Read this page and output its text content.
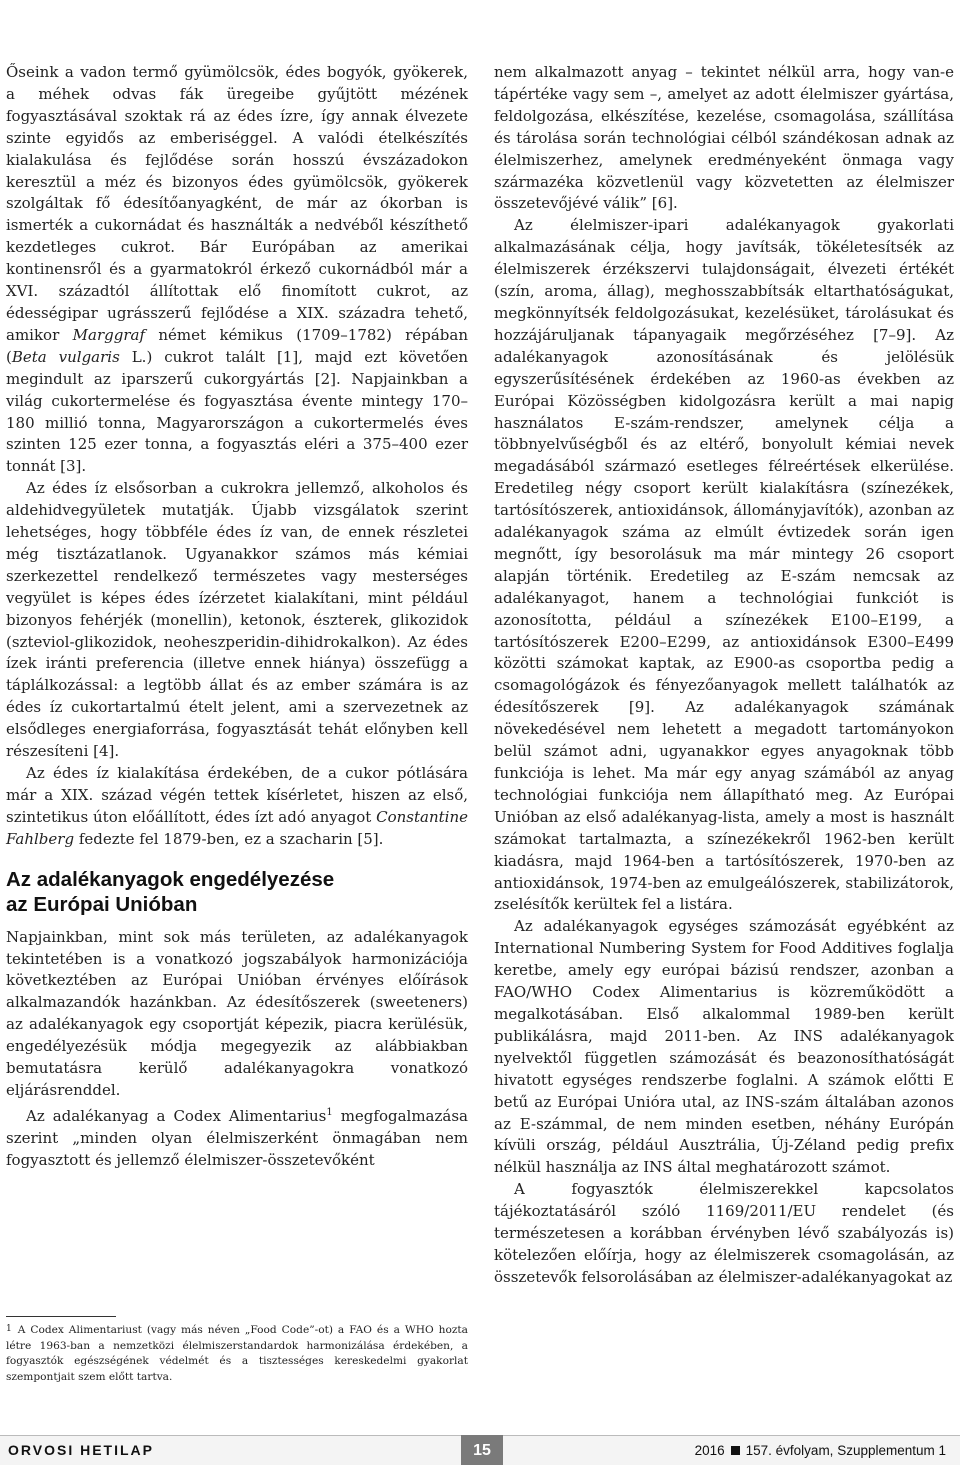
Őseink a vadon termő gyümölcsök, édes bogyók, gyökerek, a méhek odvas fák üregeibe gyűjtött mézének fogyasztásával szoktak rá az édes ízre, így annak élvezete szinte egyidős az emberiséggel. A valódi ételkészítés kialakulása és fejlődése során hosszú évszázadokon keresztül a méz és bizonyos édes gyümölcsök, gyökerek szolgáltak fő édesítőanyagként, de már az ókorban is ismerték a cukornádat és használták a nedvéből készíthető kezdetleges cukrot. Bár Európában az amerikai kontinensről és a gyarmatokról érkező cukornádból már a XVI. századtól állítottak elő finomított cukrot, az édességipar ugrásszerű fejlődése a XIX. századra tehető, amikor Marggraf német kémikus (1709–1782) répában (Beta vulgaris L.) cukrot talált [1], majd ezt követően megindult az iparszerű cukorgyártás [2]. Napjainkban a világ cukortermelése és fogyasztása évente mintegy 170–180 millió tonna, Magyarországon a cukortermelés éves szinten 125 ezer tonna, a fogyasztás eléri a 375–400 ezer tonnát [3].

Az édes íz elsősorban a cukrokra jellemző, alkoholos és aldehidvegyületek mutatják. Újabb vizsgálatok szerint lehetséges, hogy többféle édes íz van, de ennek részletei még tisztázatlanok. Ugyanakkor számos más kémiai szerkezettel rendelkező természetes vagy mesterséges vegyület is képes édes ízérzetet kialakítani, mint például bizonyos fehérjék (monellin), ketonok, észterek, glikozidok (szteviol-glikozidok, neoheszperidin-dihidrokalkon). Az édes ízek iránti preferencia (illetve ennek hiánya) összefügg a táplálkozással: a legtöbb állat és az ember számára is az édes íz cukortartalmú ételt jelent, ami a szervezetnek az elsődleges energiaforrása, fogyasztását tehát előnyben kell részesíteni [4].

Az édes íz kialakítása érdekében, de a cukor pótlására már a XIX. század végén tettek kísérletet, hiszen az első, szintetikus úton előállított, édes ízt adó anyagot Constantine Fahlberg fedezte fel 1879-ben, ez a szacharin [5].

Az adalékanyagok engedélyezése
az Európai Unióban

Napjainkban, mint sok más területen, az adalékanyagok tekintetében is a vonatkozó jogszabályok harmonizációja következtében az Európai Unióban érvényes előírások alkalmazandók hazánkban. Az édesítőszerek (sweeteners) az adalékanyagok egy csoportját képezik, piacra kerülésük, engedélyezésük módja megegyezik az alábbiakban bemutatásra kerülő adalékanyagokra vonatkozó eljárásrenddel.

Az adalékanyag a Codex Alimentarius$^1$ megfogalmazása szerint „minden olyan élelmiszerként önmagában nem fogyasztott és jellemző élelmiszer-összetevőként

nem alkalmazott anyag – tekintet nélkül arra, hogy van-e tápértéke vagy sem –, amelyet az adott élelmiszer gyártása, feldolgozása, elkészítése, kezelése, csomagolása, szállítása és tárolása során technológiai célból szándékosan adnak az élelmiszerhez, amelynek eredményeként önmaga vagy származéka közvetlenül vagy közvetetten az élelmiszer összetevőjévé válik” [6].

Az élelmiszer-ipari adalékanyagok gyakorlati alkalmazásának célja, hogy javítsák, tökéletesítsék az élelmiszerek érzékszervi tulajdonságait, élvezeti értékét (szín, aroma, állag), meghosszabbítsák eltarthatóságukat, megkönnyítsék feldolgozásukat, kezelésüket, tárolásukat és hozzájáruljanak tápanyagaik megőrzéséhez [7–9]. Az adalékanyagok azonosításának és jelölésük egyszerűsítésének érdekében az 1960-as években az Európai Közösségben kidolgozásra került a mai napig használatos E-szám-rendszer, amelynek célja a többnyelvűségből és az eltérő, bonyolult kémiai nevek megadásából származó esetleges félreértések elkerülése. Eredetileg négy csoport került kialakításra (színezékek, tartósítószerek, antioxidánsok, állományjavítók), azonban az adalékanyagok száma az elmúlt évtizedek során igen megnőtt, így besorolásuk ma már mintegy 26 csoport alapján történik. Eredetileg az E-szám nemcsak az adalékanyagot, hanem a technológiai funkciót is azonosította, például a színezékek E100–E199, a tartósítószerek E200–E299, az antioxidánsok E300–E499 közötti számokat kaptak, az E900-as csoportba pedig a csomagológázok és fényezőanyagok mellett találhatók az édesítőszerek [9]. Az adalékanyagok számának növekedésével nem lehetett a megadott tartományokon belül számot adni, ugyanakkor egyes anyagoknak több funkciója is lehet. Ma már egy anyag számából az anyag technológiai funkciója nem állapítható meg. Az Európai Unióban az első adalékanyag-lista, amely a most is használt számokat tartalmazta, a színezékekről 1962-ben került kiadásra, majd 1964-ben a tartósítószerek, 1970-ben az antioxidánsok, 1974-ben az emulgeálószerek, stabilizátorok, zselésítők kerültek fel a listára.

Az adalékanyagok egységes számozását egyébként az International Numbering System for Food Additives foglalja keretbe, amely egy európai bázisú rendszer, azonban a FAO/WHO Codex Alimentarius is közreműködött a megalkotásában. Első alkalommal 1989-ben került publikálásra, majd 2011-ben. Az INS adalékanyagok nyelvektől független számozását és beazonosíthatóságát hivatott egységes rendszerbe foglalni. A számok előtti E betű az Európai Unióra utal, az INS-szám általában azonos az E-számmal, de nem minden esetben, néhány Európán kívüli ország, például Ausztrália, Új-Zéland pedig prefix nélkül használja az INS által meghatározott számot.

A fogyasztók élelmiszerekkel kapcsolatos tájékoztatásáról szóló 1169/2011/EU rendelet (és természetesen a korábban érvényben lévő szabályozás is) kötelezően előírja, hogy az élelmiszerek csomagolásán, az összetevők felsorolásában az élelmiszer-adalékanyagokat az

1 A Codex Alimentariust (vagy más néven „Food Code”-ot) a FAO és a WHO hozta létre 1963-ban a nemzetközi élelmiszerstandardok harmonizálása érdekében, a fogyasztók egészségének védelmét és a tisztességes kereskedelmi gyakorlat szempontjait szem előtt tartva.
ORVOSI HETILAP	15	2016 157. évfolyam, Szupplementum 1
